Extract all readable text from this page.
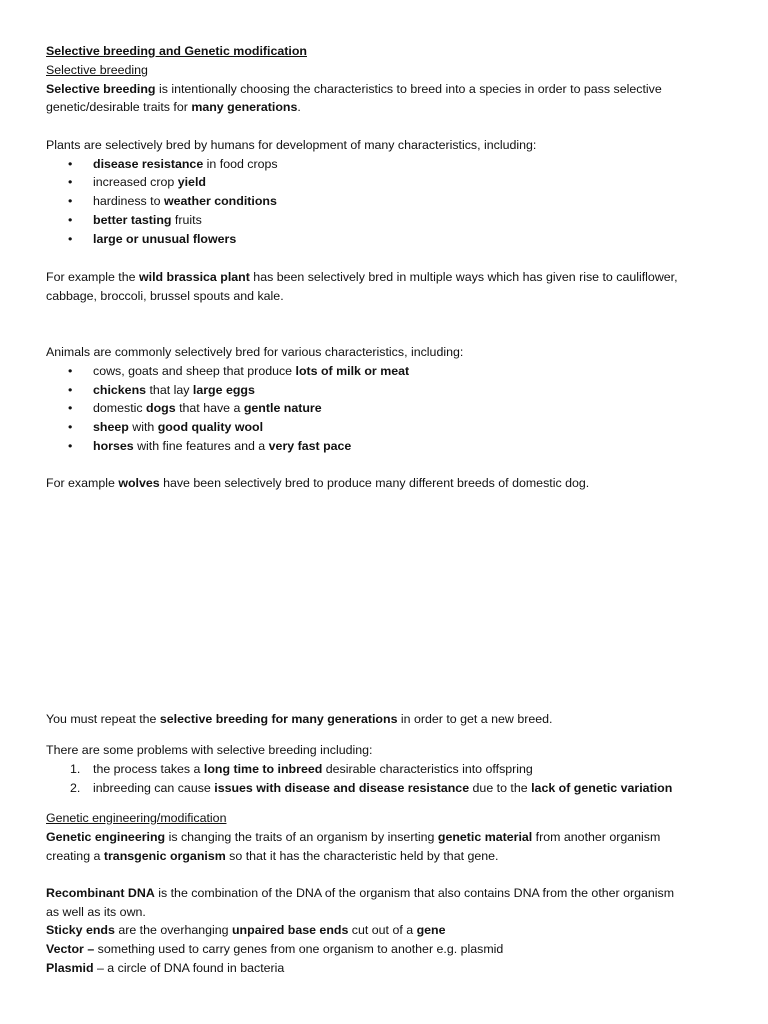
Selective breeding and Genetic modification
Selective breeding
Selective breeding is intentionally choosing the characteristics to breed into a species in order to pass selective
genetic/desirable traits for many generations.
Plants are selectively bred by humans for development of many characteristics, including:
• disease resistance in food crops
• increased crop yield
• hardiness to weather conditions
• better tasting fruits
• large or unusual flowers
For example the wild brassica plant has been selectively bred in multiple ways which has given rise to cauliflower,
cabbage, broccoli, brussel spouts and kale.
Animals are commonly selectively bred for various characteristics, including:
• cows, goats and sheep that produce lots of milk or meat
• chickens that lay large eggs
• domestic dogs that have a gentle nature
• sheep with good quality wool
• horses with fine features and a very fast pace
For example wolves have been selectively bred to produce many different breeds of domestic dog.
You must repeat the selective breeding for many generations in order to get a new breed.
There are some problems with selective breeding including:
1. the process takes a long time to inbreed desirable characteristics into offspring
2. inbreeding can cause issues with disease and disease resistance due to the lack of genetic variation
Genetic engineering/modification
Genetic engineering is changing the traits of an organism by inserting genetic material from another organism
creating a transgenic organism so that it has the characteristic held by that gene.
Recombinant DNA is the combination of the DNA of the organism that also contains DNA from the other organism
as well as its own.
Sticky ends are the overhanging unpaired base ends cut out of a gene
Vector – something used to carry genes from one organism to another e.g. plasmid
Plasmid – a circle of DNA found in bacteria
